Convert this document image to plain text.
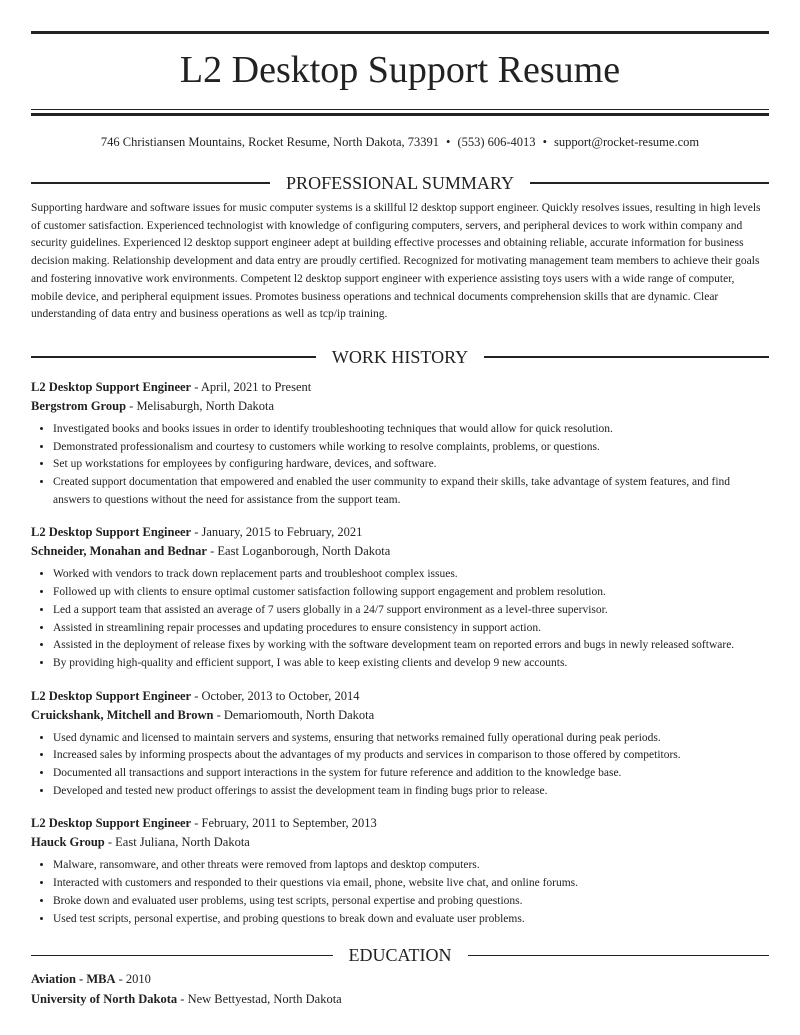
L2 Desktop Support Resume
746 Christiansen Mountains, Rocket Resume, North Dakota, 73391 • (553) 606-4013 • support@rocket-resume.com
PROFESSIONAL SUMMARY

Supporting hardware and software issues for music computer systems is a skillful l2 desktop support engineer. Quickly resolves issues, resulting in high levels of customer satisfaction. Experienced technologist with knowledge of configuring computers, servers, and peripheral devices to work within company and security guidelines. Experienced l2 desktop support engineer adept at building effective processes and obtaining reliable, accurate information for business decision making. Relationship development and data entry are proudly certified. Recognized for motivating management team members to achieve their goals and fostering innovative work environments. Competent l2 desktop support engineer with experience assisting toys users with a wide range of computer, mobile device, and peripheral equipment issues. Promotes business operations and technical documents comprehension skills that are dynamic. Clear understanding of data entry and business operations as well as tcp/ip training.

WORK HISTORY
L2 Desktop Support Engineer - April, 2021 to Present
Bergstrom Group - Melisaburgh, North Dakota
• Investigated books and books issues in order to identify troubleshooting techniques that would allow for quick resolution.
• Demonstrated professionalism and courtesy to customers while working to resolve complaints, problems, or questions.
• Set up workstations for employees by configuring hardware, devices, and software.
• Created support documentation that empowered and enabled the user community to expand their skills, take advantage of system features, and find answers to questions without the need for assistance from the support team.
L2 Desktop Support Engineer - January, 2015 to February, 2021
Schneider, Monahan and Bednar - East Loganborough, North Dakota
• Worked with vendors to track down replacement parts and troubleshoot complex issues.
• Followed up with clients to ensure optimal customer satisfaction following support engagement and problem resolution.
• Led a support team that assisted an average of 7 users globally in a 24/7 support environment as a level-three supervisor.
• Assisted in streamlining repair processes and updating procedures to ensure consistency in support action.
• Assisted in the deployment of release fixes by working with the software development team on reported errors and bugs in newly released software.
• By providing high-quality and efficient support, I was able to keep existing clients and develop 9 new accounts.
L2 Desktop Support Engineer - October, 2013 to October, 2014
Cruickshank, Mitchell and Brown - Demariomouth, North Dakota
• Used dynamic and licensed to maintain servers and systems, ensuring that networks remained fully operational during peak periods.
• Increased sales by informing prospects about the advantages of my products and services in comparison to those offered by competitors.
• Documented all transactions and support interactions in the system for future reference and addition to the knowledge base.
• Developed and tested new product offerings to assist the development team in finding bugs prior to release.
L2 Desktop Support Engineer - February, 2011 to September, 2013
Hauck Group - East Juliana, North Dakota
• Malware, ransomware, and other threats were removed from laptops and desktop computers.
• Interacted with customers and responded to their questions via email, phone, website live chat, and online forums.
• Broke down and evaluated user problems, using test scripts, personal expertise and probing questions.
• Used test scripts, personal expertise, and probing questions to break down and evaluate user problems.
EDUCATION
Aviation - MBA - 2010
University of North Dakota - New Bettyestad, North Dakota
